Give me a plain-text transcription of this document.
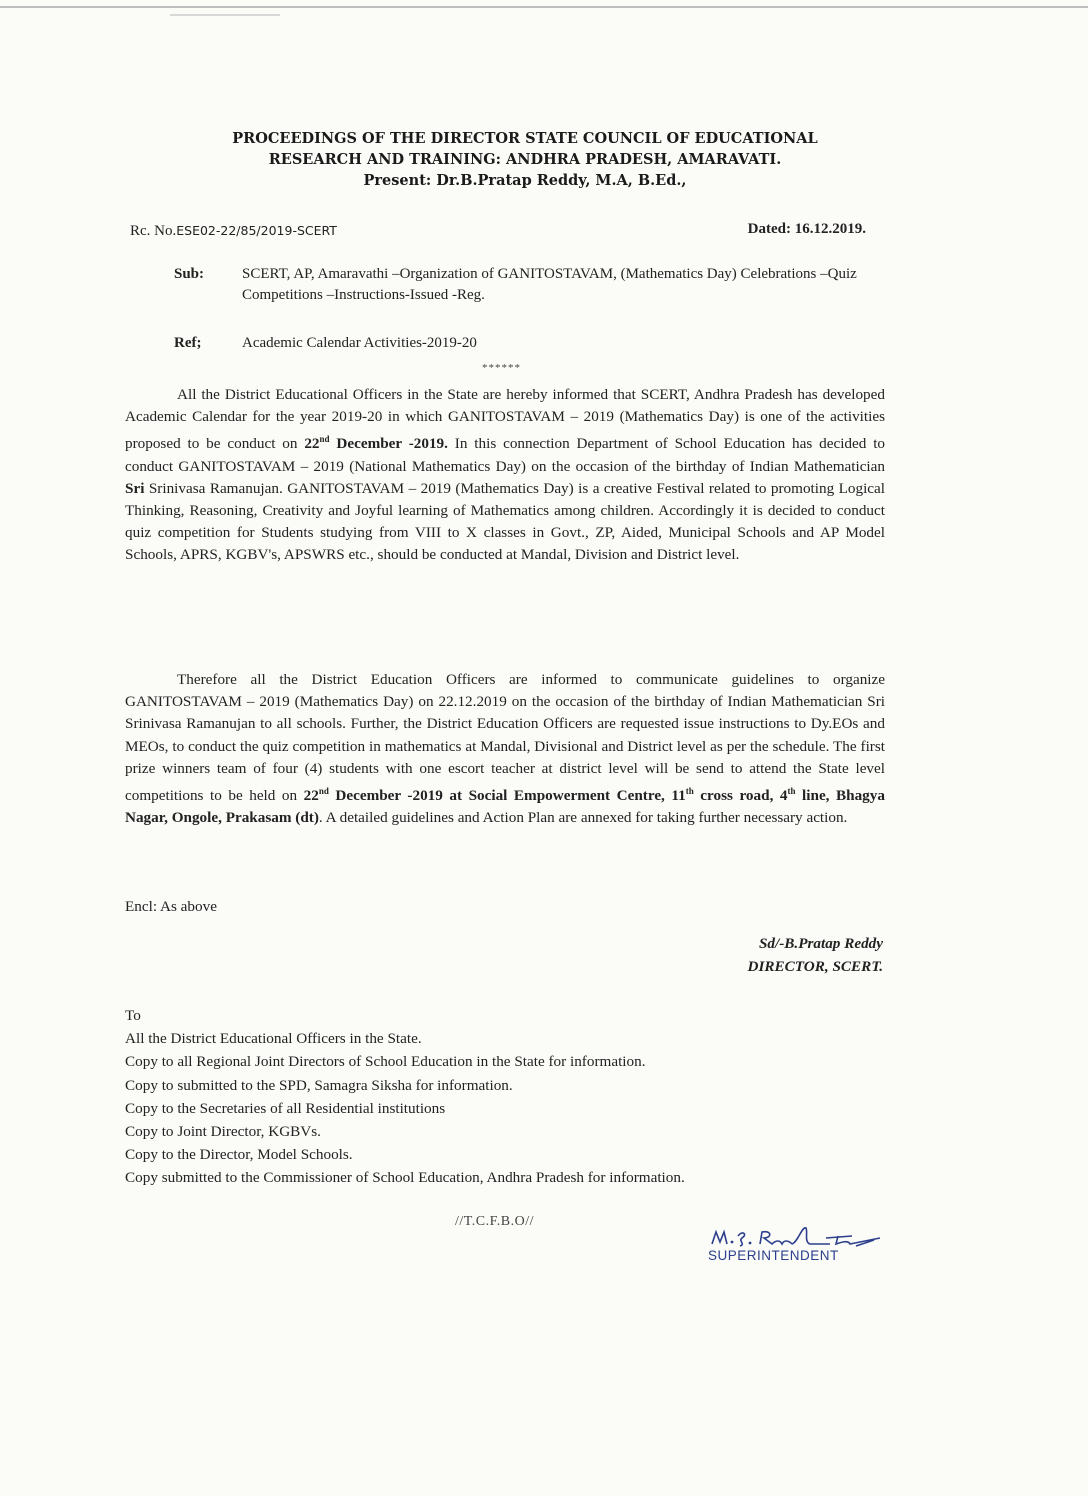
PROCEEDINGS OF THE DIRECTOR STATE COUNCIL OF EDUCATIONAL
RESEARCH AND TRAINING: ANDHRA PRADESH, AMARAVATI.
Present: Dr.B.Pratap Reddy, M.A, B.Ed.,
Rc. No.ESE02-22/85/2019-SCERT	Dated: 16.12.2019.
Sub:	SCERT, AP, Amaravathi –Organization of GANITOSTAVAM, (Mathematics Day) Celebrations –Quiz Competitions –Instructions-Issued -Reg.
Ref;	Academic Calendar Activities-2019-20
******
All the District Educational Officers in the State are hereby informed that SCERT, Andhra Pradesh has developed Academic Calendar for the year 2019-20 in which GANITOSTAVAM – 2019 (Mathematics Day) is one of the activities proposed to be conduct on 22nd December -2019. In this connection Department of School Education has decided to conduct GANITOSTAVAM – 2019 (National Mathematics Day) on the occasion of the birthday of Indian Mathematician Sri Srinivasa Ramanujan. GANITOSTAVAM – 2019 (Mathematics Day) is a creative Festival related to promoting Logical Thinking, Reasoning, Creativity and Joyful learning of Mathematics among children. Accordingly it is decided to conduct quiz competition for Students studying from VIII to X classes in Govt., ZP, Aided, Municipal Schools and AP Model Schools, APRS, KGBV's, APSWRS etc., should be conducted at Mandal, Division and District level.
Therefore all the District Education Officers are informed to communicate guidelines to organize GANITOSTAVAM – 2019 (Mathematics Day) on 22.12.2019 on the occasion of the birthday of Indian Mathematician Sri Srinivasa Ramanujan to all schools. Further, the District Education Officers are requested issue instructions to Dy.EOs and MEOs, to conduct the quiz competition in mathematics at Mandal, Divisional and District level as per the schedule. The first prize winners team of four (4) students with one escort teacher at district level will be send to attend the State level competitions to be held on 22nd December -2019 at Social Empowerment Centre, 11th cross road, 4th line, Bhagya Nagar, Ongole, Prakasam (dt). A detailed guidelines and Action Plan are annexed for taking further necessary action.
Encl: As above
Sd/-B.Pratap Reddy
DIRECTOR, SCERT.
To
All the District Educational Officers in the State.
Copy to all Regional Joint Directors of School Education in the State for information.
Copy to submitted to the SPD, Samagra Siksha for information.
Copy to the Secretaries of all Residential institutions
Copy to Joint Director, KGBVs.
Copy to the Director, Model Schools.
Copy submitted to the Commissioner of School Education, Andhra Pradesh for information.
//T.C.F.B.O//
SUPERINTENDENT
